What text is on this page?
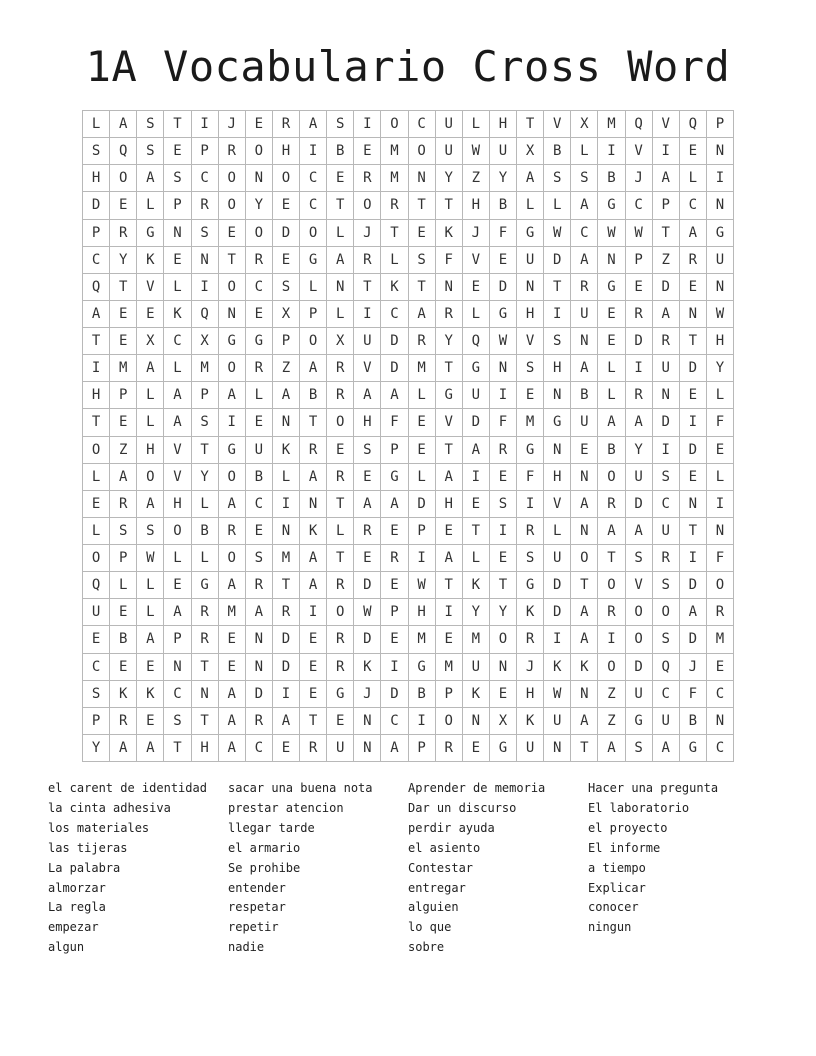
1A Vocabulario Cross Word
L	A	S	T	I	J	E	R	A	S	I	O	C	U	L	H	T	V	X	M	Q	V	Q	P
S	Q	S	E	P	R	O	H	I	B	E	M	O	U	W	U	X	B	L	I	V	I	E	N
H	O	A	S	C	O	N	O	C	E	R	M	N	Y	Z	Y	A	S	S	B	J	A	L	I
D	E	L	P	R	O	Y	E	C	T	O	R	T	T	H	B	L	L	A	G	C	P	C	N
P	R	G	N	S	E	O	D	O	L	J	T	E	K	J	F	G	W	C	W	W	T	A	G
C	Y	K	E	N	T	R	E	G	A	R	L	S	F	V	E	U	D	A	N	P	Z	R	U
Q	T	V	L	I	O	C	S	L	N	T	K	T	N	E	D	N	T	R	G	E	D	E	N
A	E	E	K	Q	N	E	X	P	L	I	C	A	R	L	G	H	I	U	E	R	A	N	W
T	E	X	C	X	G	G	P	O	X	U	D	R	Y	Q	W	V	S	N	E	D	R	T	H
I	M	A	L	M	O	R	Z	A	R	V	D	M	T	G	N	S	H	A	L	I	U	D	Y
H	P	L	A	P	A	L	A	B	R	A	A	L	G	U	I	E	N	B	L	R	N	E	L
T	E	L	A	S	I	E	N	T	O	H	F	E	V	D	F	M	G	U	A	A	D	I	F
O	Z	H	V	T	G	U	K	R	E	S	P	E	T	A	R	G	N	E	B	Y	I	D	E
L	A	O	V	Y	O	B	L	A	R	E	G	L	A	I	E	F	H	N	O	U	S	E	L
E	R	A	H	L	A	C	I	N	T	A	A	D	H	E	S	I	V	A	R	D	C	N	I
L	S	S	O	B	R	E	N	K	L	R	E	P	E	T	I	R	L	N	A	A	U	T	N
O	P	W	L	L	O	S	M	A	T	E	R	I	A	L	E	S	U	O	T	S	R	I	F
Q	L	L	E	G	A	R	T	A	R	D	E	W	T	K	T	G	D	T	O	V	S	D	O
U	E	L	A	R	M	A	R	I	O	W	P	H	I	Y	Y	K	D	A	R	O	O	A	R
E	B	A	P	R	E	N	D	E	R	D	E	M	E	M	O	R	I	A	I	O	S	D	M
C	E	E	N	T	E	N	D	E	R	K	I	G	M	U	N	J	K	K	O	D	Q	J	E
S	K	K	C	N	A	D	I	E	G	J	D	B	P	K	E	H	W	N	Z	U	C	F	C
P	R	E	S	T	A	R	A	T	E	N	C	I	O	N	X	K	U	A	Z	G	U	B	N
Y	A	A	T	H	A	C	E	R	U	N	A	P	R	E	G	U	N	T	A	S	A	G	C
el carent de identidad
la cinta adhesiva
los materiales
las tijeras
La palabra
almorzar
La regla
empezar
algun
sacar una buena nota
prestar atencion
llegar tarde
el armario
Se prohibe
entender
respetar
repetir
nadie
Aprender de memoria
Dar un discurso
perdir ayuda
el asiento
Contestar
entregar
alguien
lo que
sobre
Hacer una pregunta
El laboratorio
el proyecto
El informe
a tiempo
Explicar
conocer
ningun
